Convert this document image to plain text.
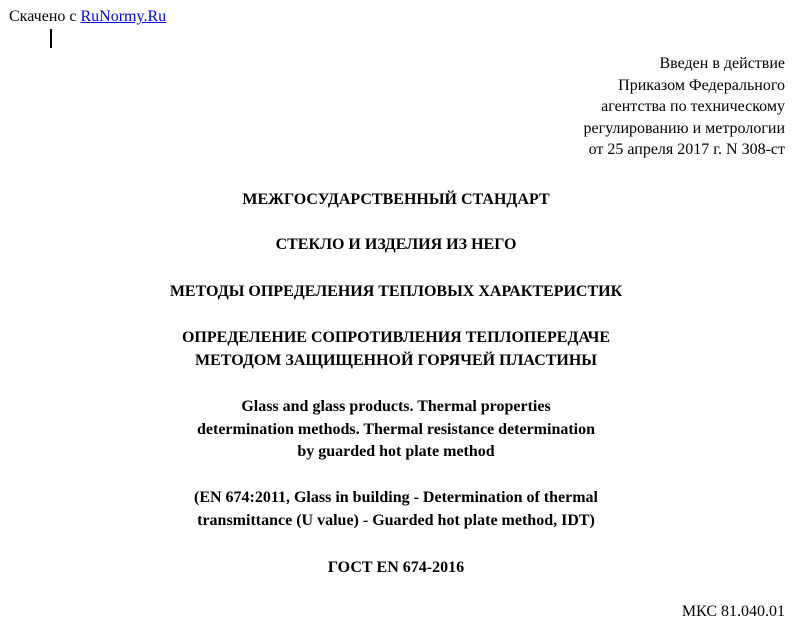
Скачено с RuNormy.Ru
Введен в действие
Приказом Федерального
агентства по техническому
регулированию и метрологии
от 25 апреля 2017 г. N 308-ст
МЕЖГОСУДАРСТВЕННЫЙ СТАНДАРТ
СТЕКЛО И ИЗДЕЛИЯ ИЗ НЕГО
МЕТОДЫ ОПРЕДЕЛЕНИЯ ТЕПЛОВЫХ ХАРАКТЕРИСТИК
ОПРЕДЕЛЕНИЕ СОПРОТИВЛЕНИЯ ТЕПЛОПЕРЕДАЧЕ
МЕТОДОМ ЗАЩИЩЕННОЙ ГОРЯЧЕЙ ПЛАСТИНЫ
Glass and glass products. Thermal properties
determination methods. Thermal resistance determination
by guarded hot plate method
(EN 674:2011, Glass in building - Determination of thermal
transmittance (U value) - Guarded hot plate method, IDT)
ГОСТ EN 674-2016
МКС 81.040.01
